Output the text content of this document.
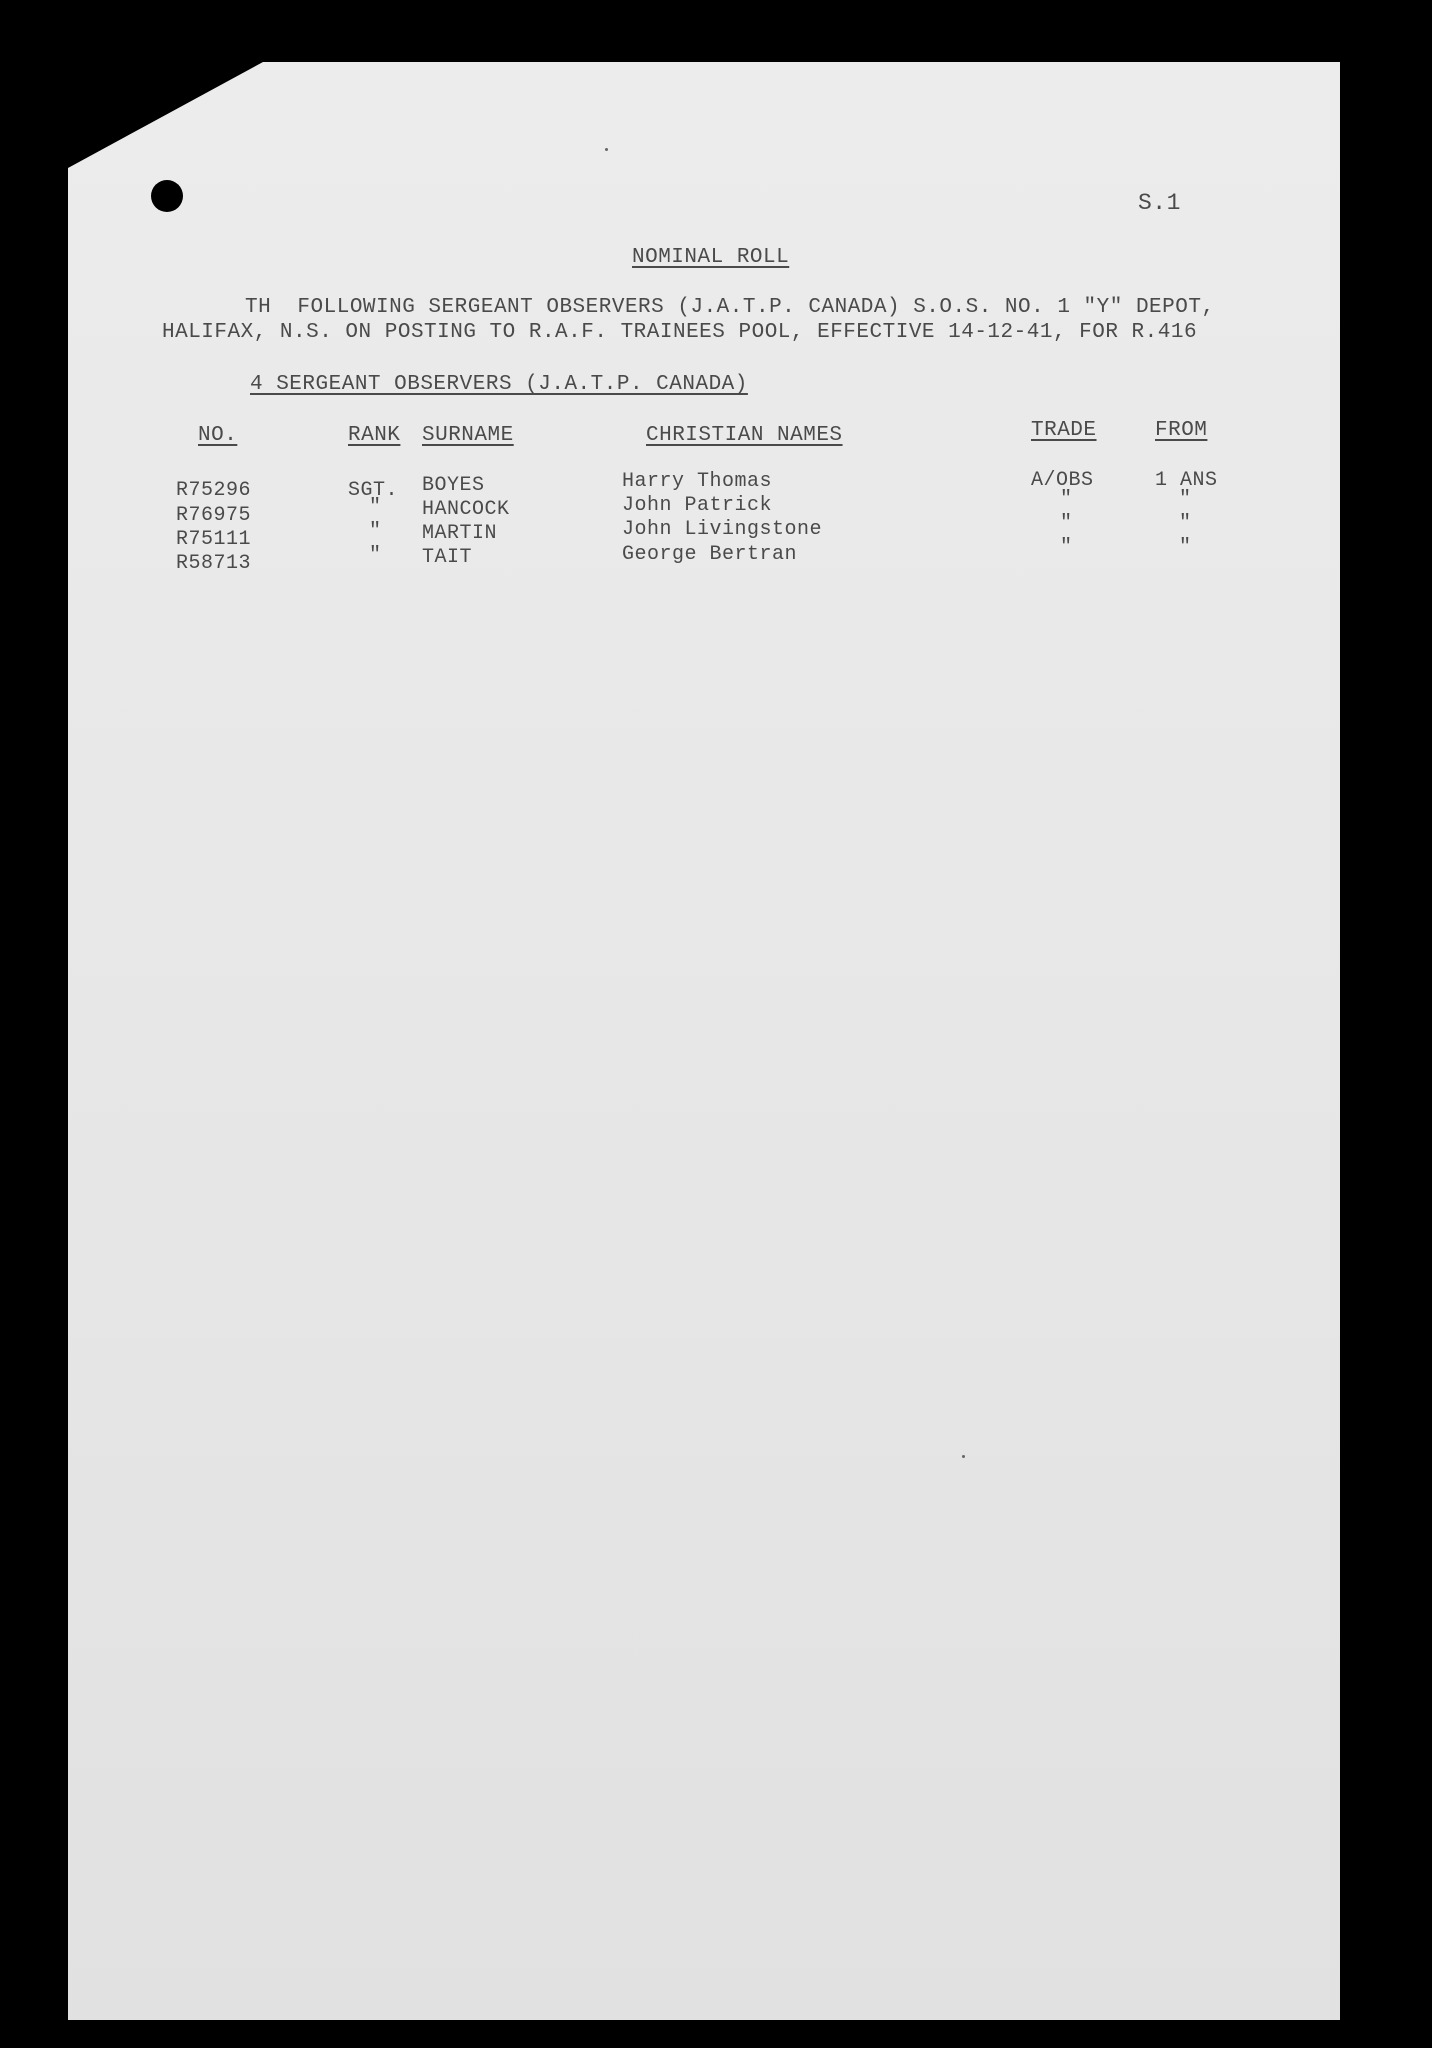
S.1
NOMINAL ROLL
TH  FOLLOWING SERGEANT OBSERVERS (J.A.T.P. CANADA) S.O.S. NO. 1 "Y" DEPOT,
HALIFAX, N.S. ON POSTING TO R.A.F. TRAINEES POOL, EFFECTIVE 14-12-41, FOR R.416
4 SERGEANT OBSERVERS (J.A.T.P. CANADA)
NO.	RANK SURNAME	CHRISTIAN NAMES	TRADE	FROM
R75296	SGT. BOYES	Harry Thomas	A/OBS	1 ANS
R76975	" HANCOCK	John Patrick	"	"
R75111	" MARTIN	John Livingstone	"	"
R58713	" TAIT	George Bertran	"	"
